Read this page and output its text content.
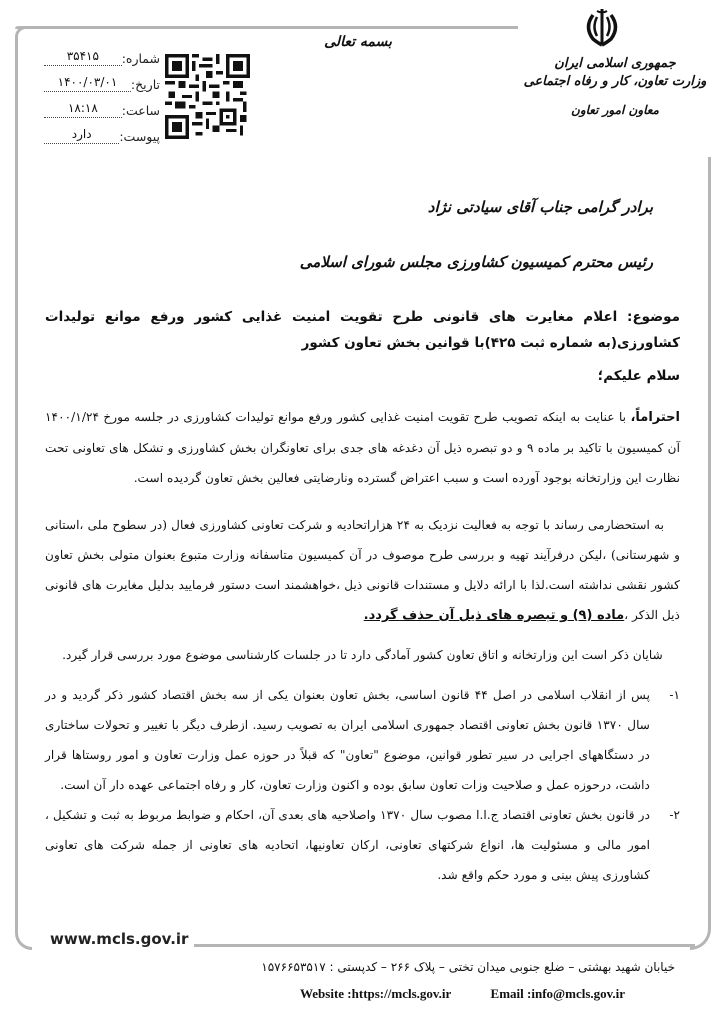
www.mcls.gov.ir
شماره:
۳۵۴۱۵
تاریخ:
۱۴۰۰/۰۳/۰۱
ساعت:
۱۸:۱۸
پیوست:
دارد
بسمه تعالی
جمهوری اسلامی ایران
وزارت تعاون، کار و رفاه اجتماعی
معاون امور تعاون
برادر گرامی جناب آقای سیادتی نژاد
رئیس محترم کمیسیون کشاورزی مجلس شورای اسلامی
موضوع: اعلام مغایرت های قانونی طرح تقویت امنیت غذایی کشور ورفع موانع تولیدات کشاورزی(به شماره ثبت ۴۲۵)با قوانین بخش تعاون کشور
سلام علیکم؛
احتراماً، با عنایت به اینکه تصویب طرح تقویت امنیت غذایی کشور ورفع موانع تولیدات کشاورزی در جلسه مورخ ۱۴۰۰/۱/۲۴ آن کمیسیون با تاکید بر ماده ۹ و دو تبصره ذیل آن دغدغه های جدی برای تعاونگران بخش کشاورزی و تشکل های تعاونی تحت نظارت این وزارتخانه بوجود آورده است و سبب اعتراض گسترده ونارضایتی فعالین بخش تعاون گردیده است.
به استحضارمی رساند با توجه به فعالیت نزدیک به ۲۴ هزاراتحادیه و شرکت تعاونی کشاورزی فعال (در سطوح ملی ،استانی و شهرستانی) ،لیکن درفرآیند تهیه و بررسی طرح موصوف در آن کمیسیون متاسفانه وزارت متبوع بعنوان متولی بخش تعاون کشور نقشی نداشته است.لذا با ارائه دلایل و مستندات قانونی ذیل ،خواهشمند است دستور فرمایید بدلیل مغایرت های قانونی ذیل الذکر ،ماده (۹) و تبصره های ذیل آن حذف گردد.
شایان ذکر است این وزارتخانه و اتاق تعاون کشور آمادگی دارد تا در جلسات کارشناسی موضوع مورد بررسی قرار گیرد.
۱-
پس از انقلاب اسلامی در اصل ۴۴ قانون اساسی، بخش تعاون بعنوان یکی از سه بخش اقتصاد کشور ذکر گردید و در سال ۱۳۷۰ قانون بخش تعاونی اقتصاد جمهوری اسلامی ایران به تصویب رسید. ازطرف دیگر با تغییر و تحولات ساختاری در دستگاههای اجرایی در سیر تطور قوانین، موضوع "تعاون" که قبلاً در حوزه عمل وزارت تعاون و امور روستاها قرار داشت، درحوزه عمل و صلاحیت وزات تعاون سابق بوده و اکنون وزارت تعاون، کار و رفاه اجتماعی عهده دار آن است.
۲-
در قانون بخش تعاونی اقتصاد ج.ا.ا مصوب سال ۱۳۷۰ واصلاحیه های بعدی آن، احکام و ضوابط مربوط به ثبت و تشکیل ، امور مالی و مسئولیت ها، انواع شرکتهای تعاونی، ارکان تعاونیها، اتحادیه های تعاونی از جمله شرکت های تعاونی کشاورزی پیش بینی و مورد حکم واقع شد.
خیابان شهید بهشتی – ضلع جنوبی میدان تختی – پلاک ۲۶۶ – کدپستی : ۱۵۷۶۶۵۳۵۱۷
Website :https://mcls.gov.ir	Email :info@mcls.gov.ir
